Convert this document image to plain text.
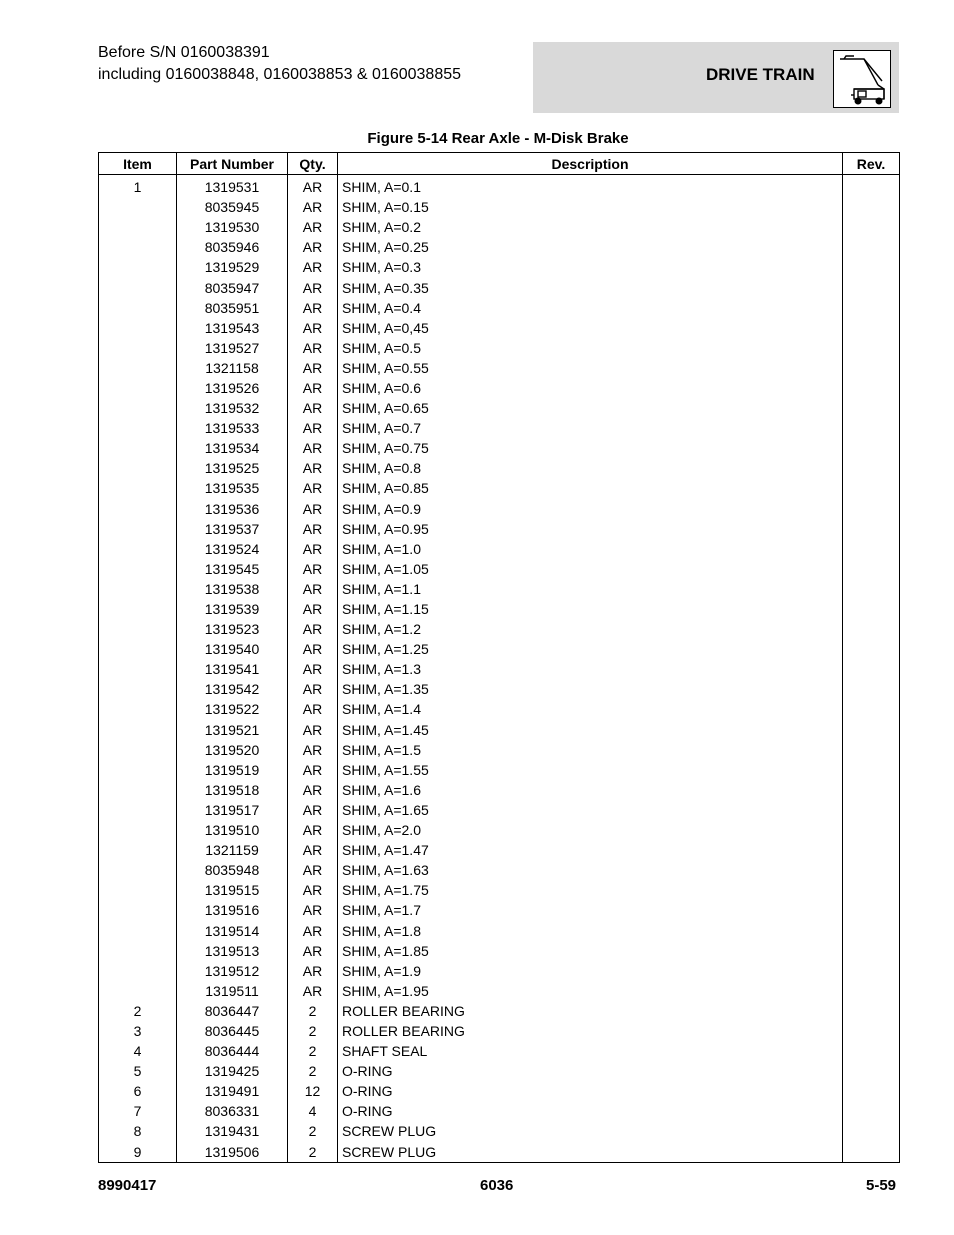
Before S/N 0160038391
including 0160038848, 0160038853 & 0160038855	DRIVE TRAIN
Figure 5-14 Rear Axle - M-Disk Brake
Item	Part Number	Qty.	Description	Rev.
1	1319531	AR	SHIM, A=0.1	
	8035945	AR	SHIM, A=0.15	
	1319530	AR	SHIM, A=0.2	
	8035946	AR	SHIM, A=0.25	
	1319529	AR	SHIM, A=0.3	
	8035947	AR	SHIM, A=0.35	
	8035951	AR	SHIM, A=0.4	
	1319543	AR	SHIM, A=0,45	
	1319527	AR	SHIM, A=0.5	
	1321158	AR	SHIM, A=0.55	
	1319526	AR	SHIM, A=0.6	
	1319532	AR	SHIM, A=0.65	
	1319533	AR	SHIM, A=0.7	
	1319534	AR	SHIM, A=0.75	
	1319525	AR	SHIM, A=0.8	
	1319535	AR	SHIM, A=0.85	
	1319536	AR	SHIM, A=0.9	
	1319537	AR	SHIM, A=0.95	
	1319524	AR	SHIM, A=1.0	
	1319545	AR	SHIM, A=1.05	
	1319538	AR	SHIM, A=1.1	
	1319539	AR	SHIM, A=1.15	
	1319523	AR	SHIM, A=1.2	
	1319540	AR	SHIM, A=1.25	
	1319541	AR	SHIM, A=1.3	
	1319542	AR	SHIM, A=1.35	
	1319522	AR	SHIM, A=1.4	
	1319521	AR	SHIM, A=1.45	
	1319520	AR	SHIM, A=1.5	
	1319519	AR	SHIM, A=1.55	
	1319518	AR	SHIM, A=1.6	
	1319517	AR	SHIM, A=1.65	
	1319510	AR	SHIM, A=2.0	
	1321159	AR	SHIM, A=1.47	
	8035948	AR	SHIM, A=1.63	
	1319515	AR	SHIM, A=1.75	
	1319516	AR	SHIM, A=1.7	
	1319514	AR	SHIM, A=1.8	
	1319513	AR	SHIM, A=1.85	
	1319512	AR	SHIM, A=1.9	
	1319511	AR	SHIM, A=1.95	
2	8036447	2	ROLLER BEARING	
3	8036445	2	ROLLER BEARING	
4	8036444	2	SHAFT SEAL	
5	1319425	2	O-RING	
6	1319491	12	O-RING	
7	8036331	4	O-RING	
8	1319431	2	SCREW PLUG	
9	1319506	2	SCREW PLUG	
8990417	6036	5-59
